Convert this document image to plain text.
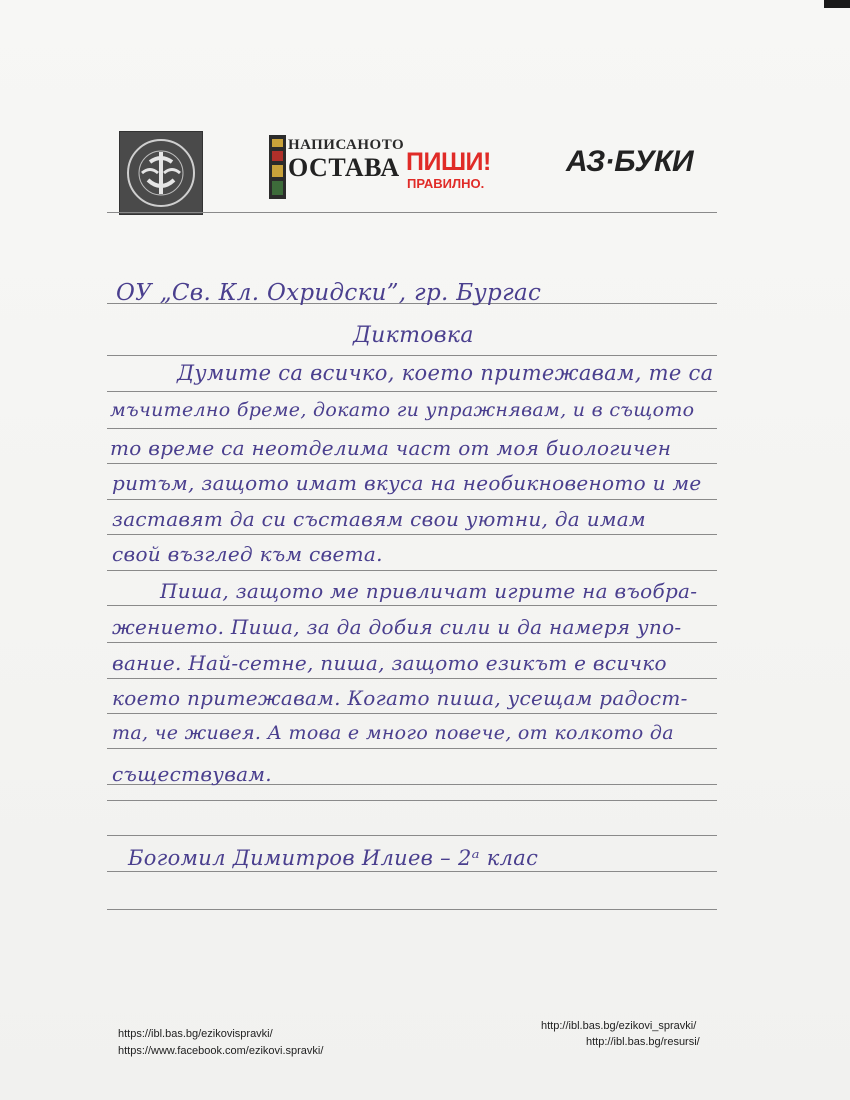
НАПИСАНОТО
ОСТАВА ПИШИ!
ПРАВИЛНО.
АЗ·БУКИ
ОУ „Св. Кл. Охридски”, гр. Бургас
Диктовка
Думите са всичко, което притежавам, те са
мъчително бреме, докато ги упражнявам, и в същото
то време са неотделима част от моя биологичен
ритъм, защото имат вкуса на необикновеното и ме
заставят да си съставям свои уютни, да имам
свой възглед към света.
Пиша, защото ме привличат игрите на въобра-
жението. Пиша, за да добия сили и да намеря упо-
вание. Най-сетне, пиша, защото езикът е всичко
което притежавам. Когато пиша, усещам радост-
та, че живея. А това е много повече, от колкото да
съществувам.
Богомил Димитров Илиев – 2ᵃ клас
https://ibl.bas.bg/ezikovispravki/
https://www.facebook.com/ezikovi.spravki/
http://ibl.bas.bg/ezikovi_spravki/
http://ibl.bas.bg/resursi/
